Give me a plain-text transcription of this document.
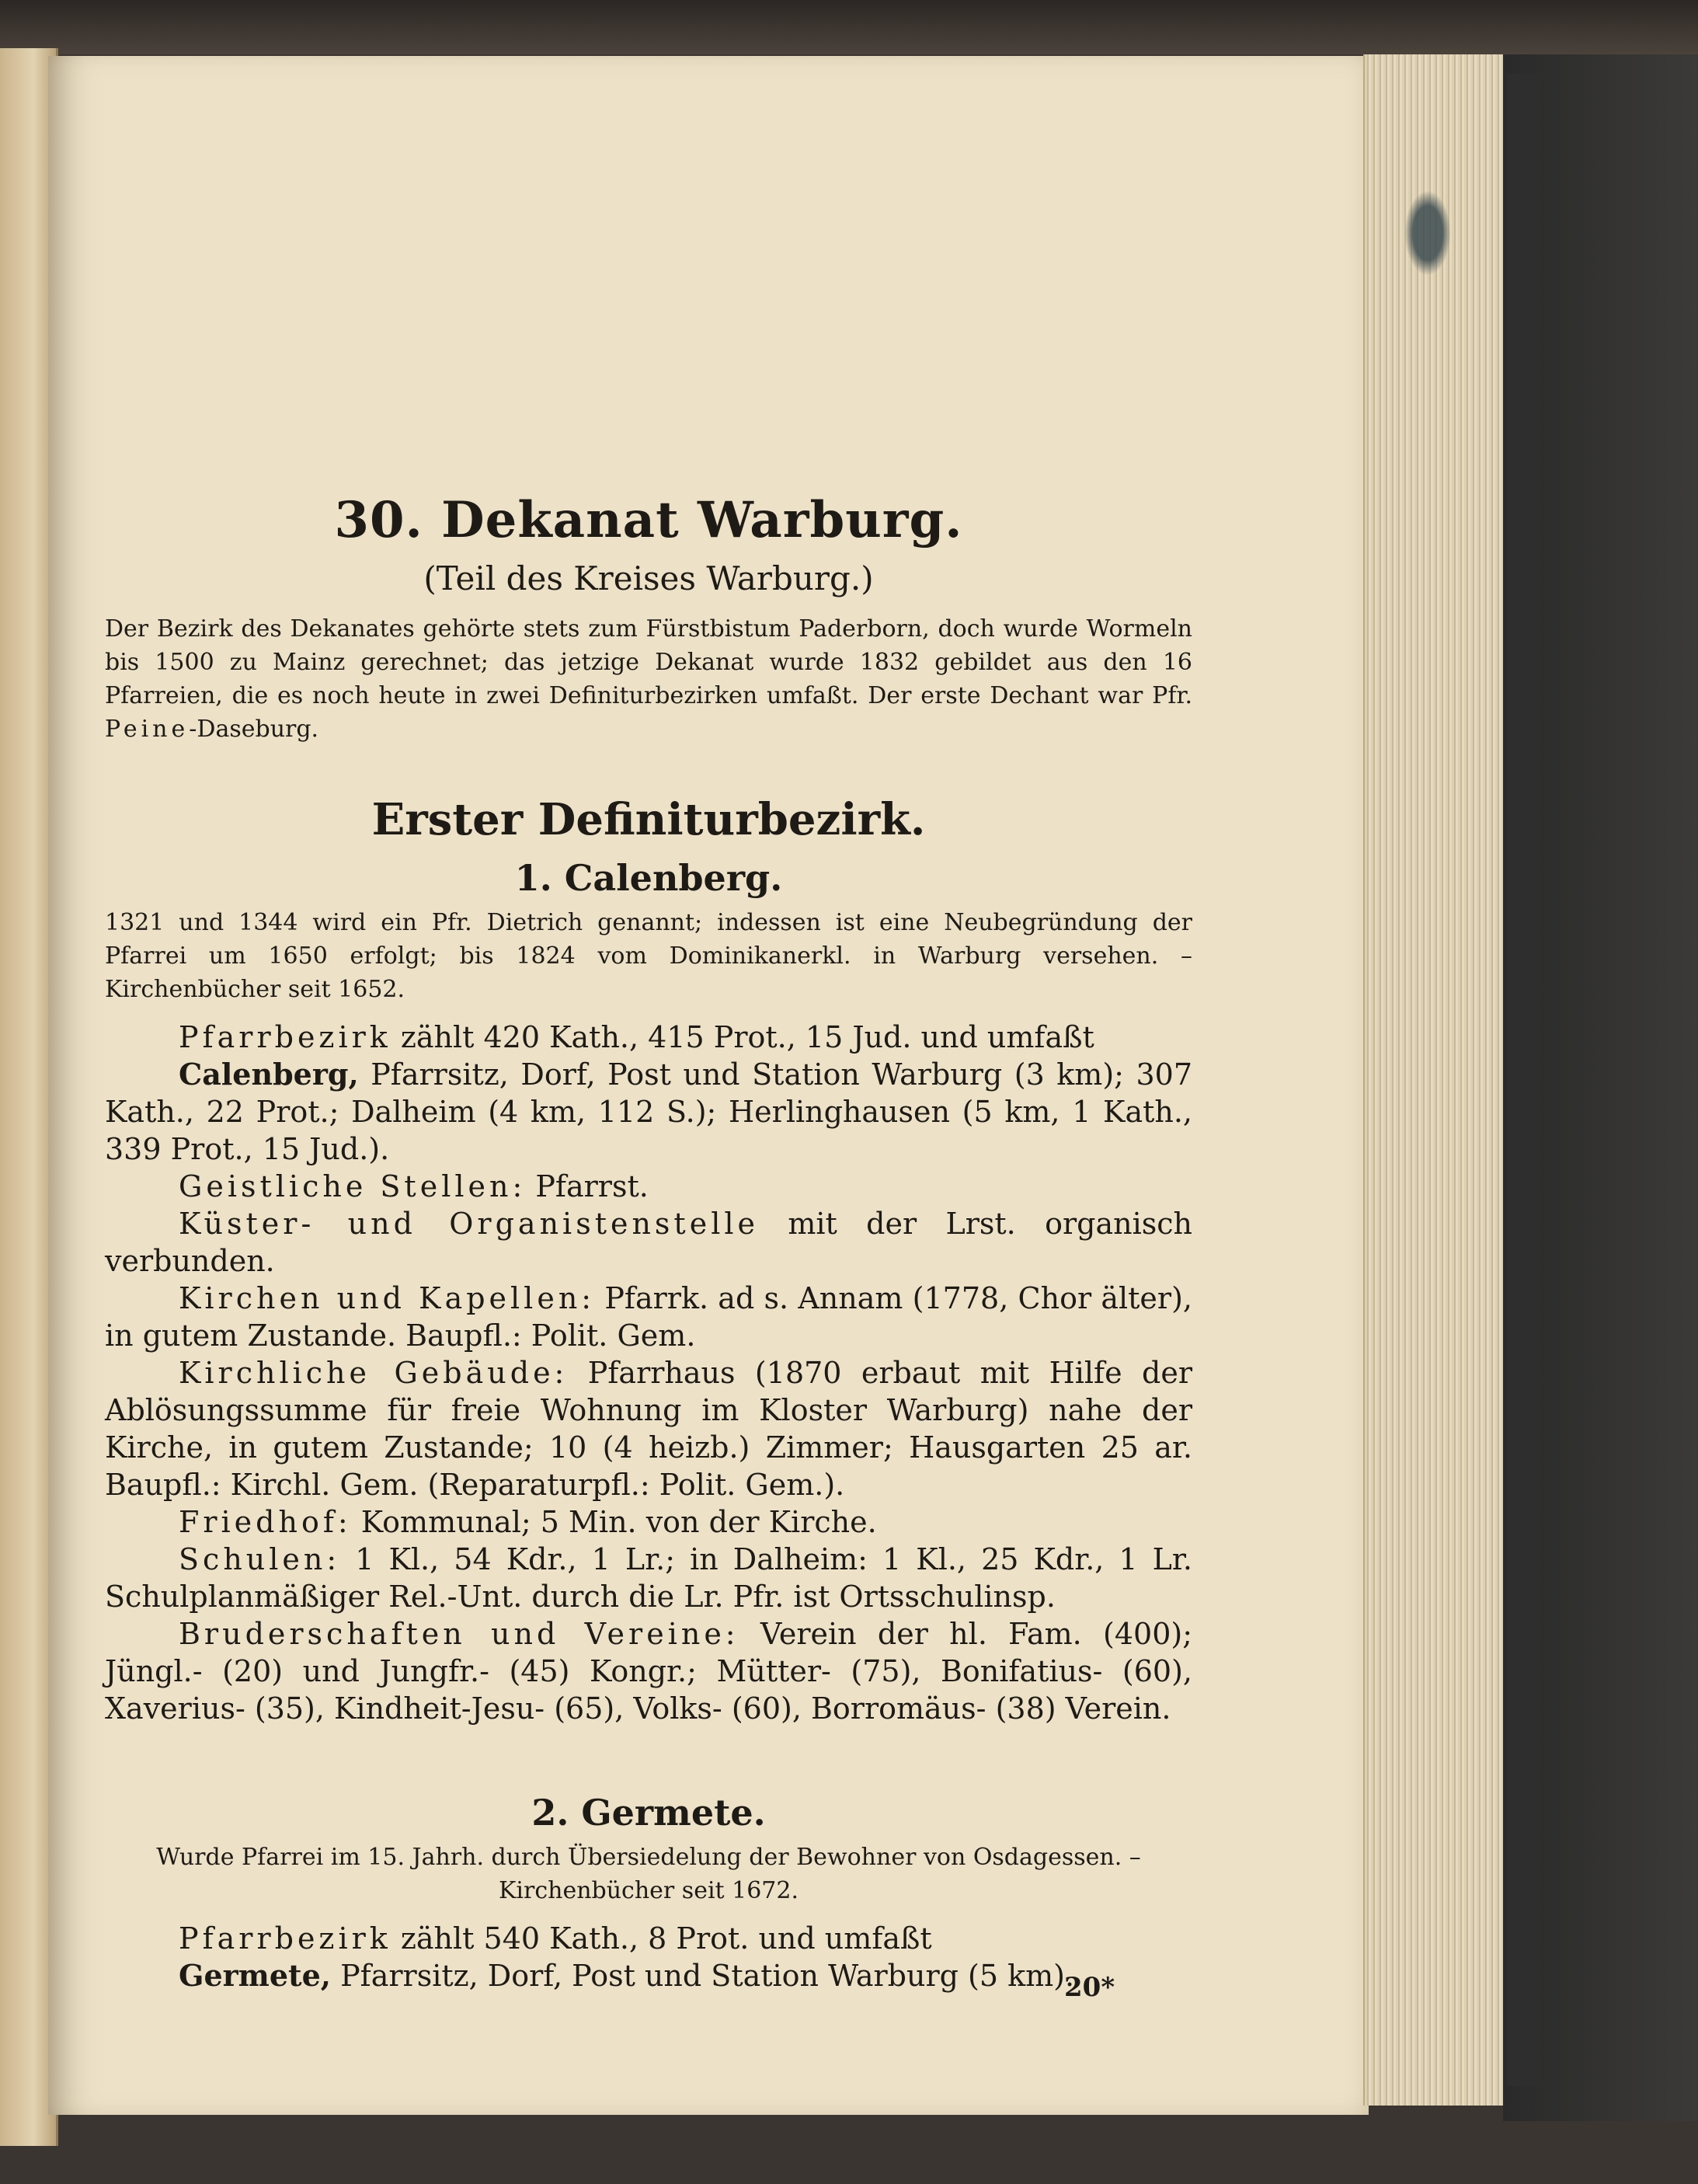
30. Dekanat Warburg.
(Teil des Kreises Warburg.)

Der Bezirk des Dekanates gehörte stets zum Fürstbistum Paderborn, doch wurde Wormeln bis 1500 zu Mainz gerechnet; das jetzige Dekanat wurde 1832 gebildet aus den 16 Pfarreien, die es noch heute in zwei Definiturbezirken umfaßt. Der erste Dechant war Pfr. Peine-Daseburg.

Erster Definiturbezirk.
1. Calenberg.

1321 und 1344 wird ein Pfr. Dietrich genannt; indessen ist eine Neubegründung der Pfarrei um 1650 erfolgt; bis 1824 vom Dominikanerkl. in Warburg versehen. – Kirchenbücher seit 1652.

Pfarrbezirk zählt 420 Kath., 415 Prot., 15 Jud. und umfaßt

Calenberg, Pfarrsitz, Dorf, Post und Station Warburg (3 km); 307 Kath., 22 Prot.; Dalheim (4 km, 112 S.); Herlinghausen (5 km, 1 Kath., 339 Prot., 15 Jud.).

Geistliche Stellen: Pfarrst.

Küster- und Organistenstelle mit der Lrst. organisch verbunden.

Kirchen und Kapellen: Pfarrk. ad s. Annam (1778, Chor älter), in gutem Zustande. Baupfl.: Polit. Gem.

Kirchliche Gebäude: Pfarrhaus (1870 erbaut mit Hilfe der Ablösungssumme für freie Wohnung im Kloster Warburg) nahe der Kirche, in gutem Zustande; 10 (4 heizb.) Zimmer; Hausgarten 25 ar. Baupfl.: Kirchl. Gem. (Reparaturpfl.: Polit. Gem.).

Friedhof: Kommunal; 5 Min. von der Kirche.

Schulen: 1 Kl., 54 Kdr., 1 Lr.; in Dalheim: 1 Kl., 25 Kdr., 1 Lr. Schulplanmäßiger Rel.-Unt. durch die Lr. Pfr. ist Ortsschulinsp.

Bruderschaften und Vereine: Verein der hl. Fam. (400); Jüngl.- (20) und Jungfr.- (45) Kongr.; Mütter- (75), Bonifatius- (60), Xaverius- (35), Kindheit-Jesu- (65), Volks- (60), Borromäus- (38) Verein.

2. Germete.

Wurde Pfarrei im 15. Jahrh. durch Übersiedelung der Bewohner von Osdagessen. – Kirchenbücher seit 1672.

Pfarrbezirk zählt 540 Kath., 8 Prot. und umfaßt

Germete, Pfarrsitz, Dorf, Post und Station Warburg (5 km).

20*
